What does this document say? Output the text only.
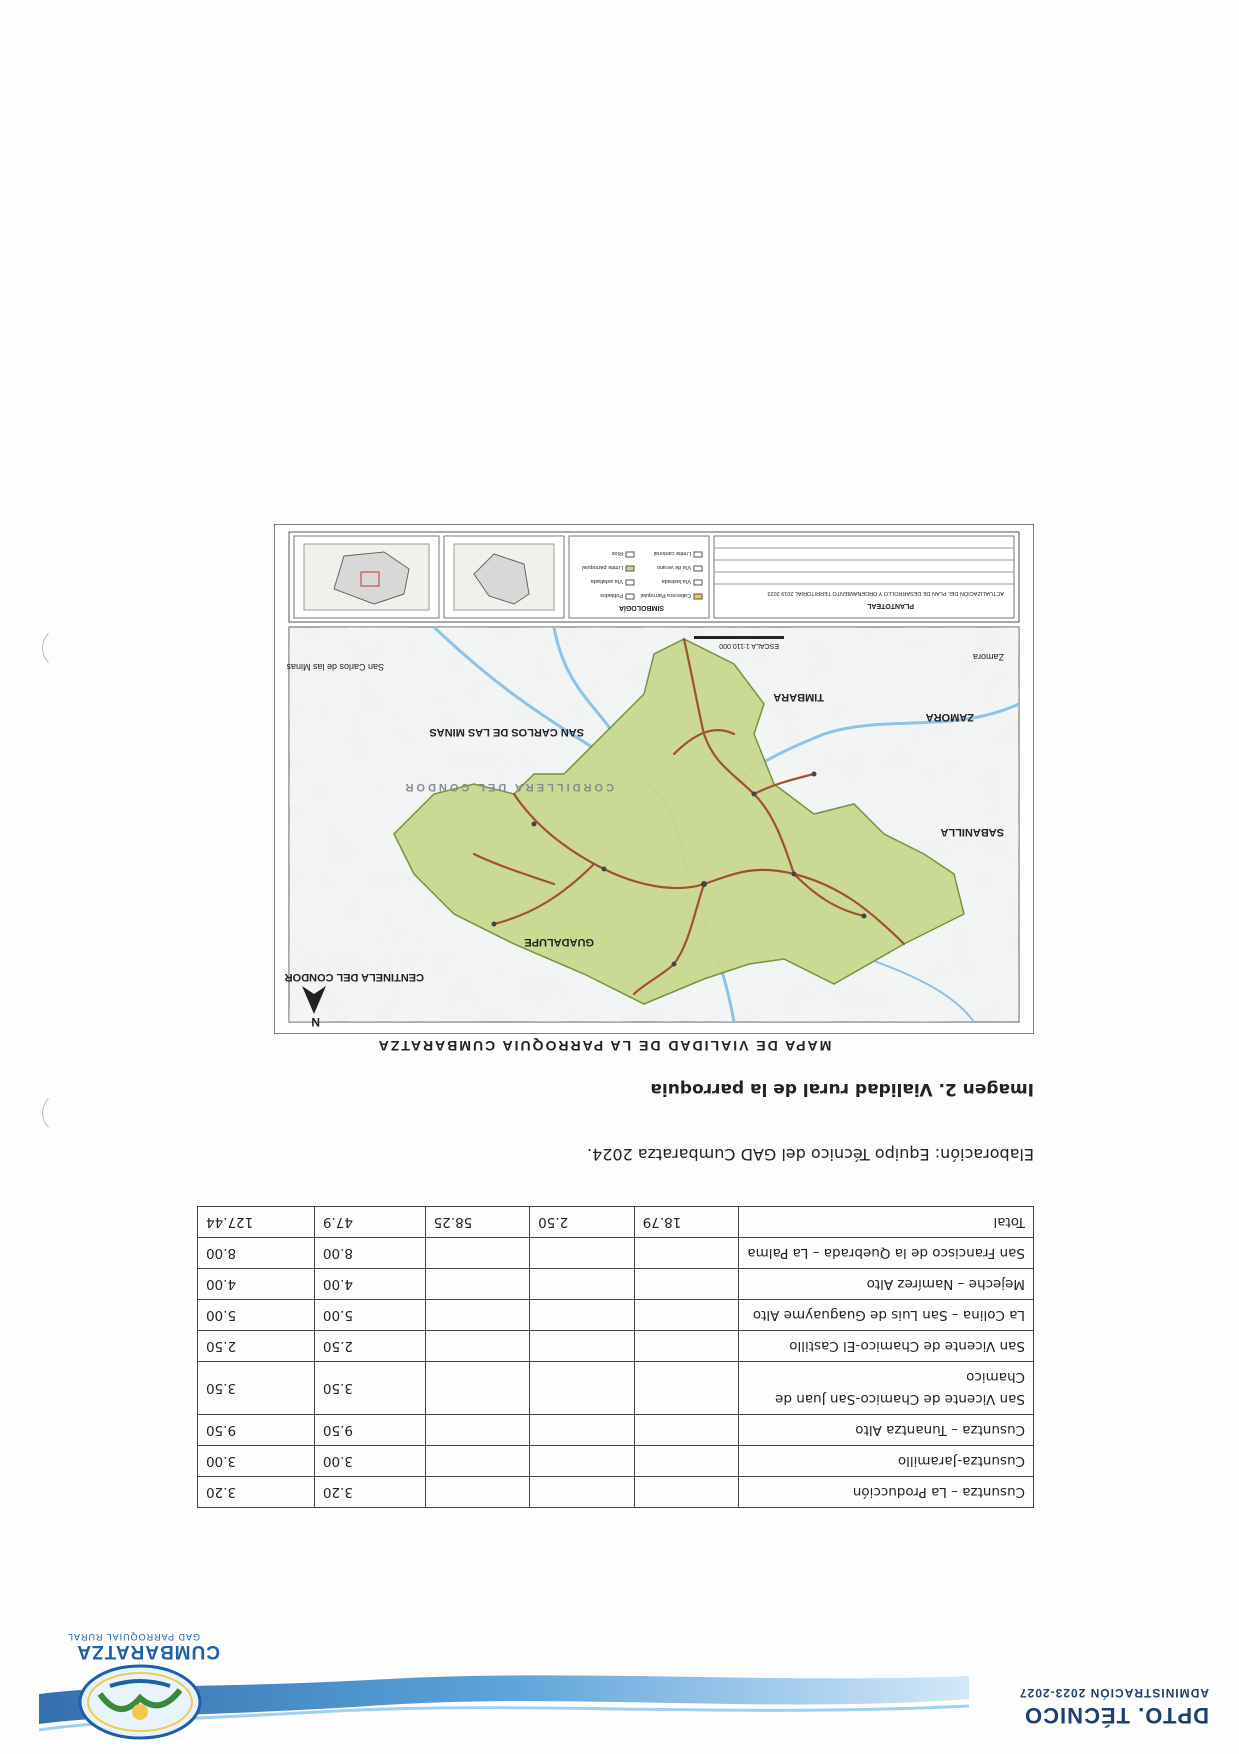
DPTO. TÉCNICO
ADMINISTRACIÓN 2023-2027
CUMBARATZA
GAD PARROQUIAL RURAL
Cusuntza – La Producción				3.20	3.20
Cusuntza-Jaramillo				3.00	3.00
Cusuntza – Tunantza Alto				9.50	9.50
San Vicente de Chamico-San Juan de Chamico				3.50	3.50
San Vicente de Chamico-El Castillo				2.50	2.50
La Colina – San Luis de Guaguayme Alto				5.00	5.00
Mejeche – Namírez Alto				4.00	4.00
San Francisco de la Quebrada – La Palma				8.00	8.00
Total	18.79	2.50	58.25	47.9	127.44
Elaboración: Equipo Técnico del GAD Cumbaratza 2024.
Imagen 2. Vialidad rural de la parroquia
MAPA DE VIALIDAD DE LA PARROQUIA CUMBARATZA
GUADALUPE
CENTINELA DEL CONDOR
SAN CARLOS DE LAS MINAS
TIMBARA
ZAMORA
SABANILLA
CORDILLERA DEL CONDOR
Zamora
San Carlos de las Minas
N
ESCALA 1:110.000
PLANTOTEAL
ACTUALIZACIÓN DEL PLAN DE DESARROLLO Y ORDENAMIENTO TERRITORIAL 2019 2023
SIMBOLOGÍA
Cabecera Parroquial
Poblados
Vía lastrada
Vía asfaltada
Vía de verano
Límite parroquial
Límite cantonal
Ríos
